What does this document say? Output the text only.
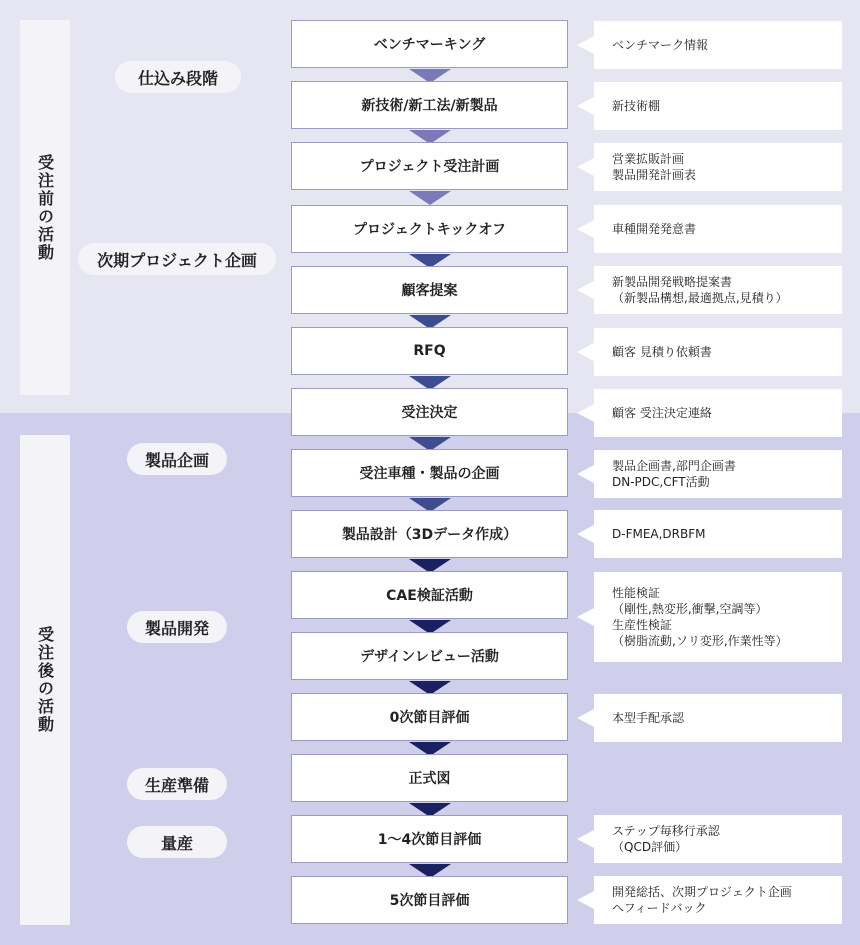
受注前の活動
受注後の活動
仕込み段階
次期プロジェクト企画
製品企画
製品開発
生産準備
量産
ベンチマーキング
新技術/新工法/新製品
プロジェクト受注計画
プロジェクトキックオフ
顧客提案
RFQ
受注決定
受注車種・製品の企画
製品設計（3Dデータ作成）
CAE検証活動
デザインレビュー活動
0次節目評価
正式図
1〜4次節目評価
5次節目評価
ベンチマーク情報
新技術棚
営業拡販計画
製品開発計画表
車種開発発意書
新製品開発戦略提案書
（新製品構想,最適拠点,見積り）
顧客 見積り依頼書
顧客 受注決定連絡
製品企画書,部門企画書
DN-PDC,CFT活動
D-FMEA,DRBFM
性能検証
（剛性,熱変形,衝撃,空調等）
生産性検証
（樹脂流動,ソリ変形,作業性等）
本型手配承認
ステップ毎移行承認
（QCD評価）
開発総括、次期プロジェクト企画
へフィードバック
